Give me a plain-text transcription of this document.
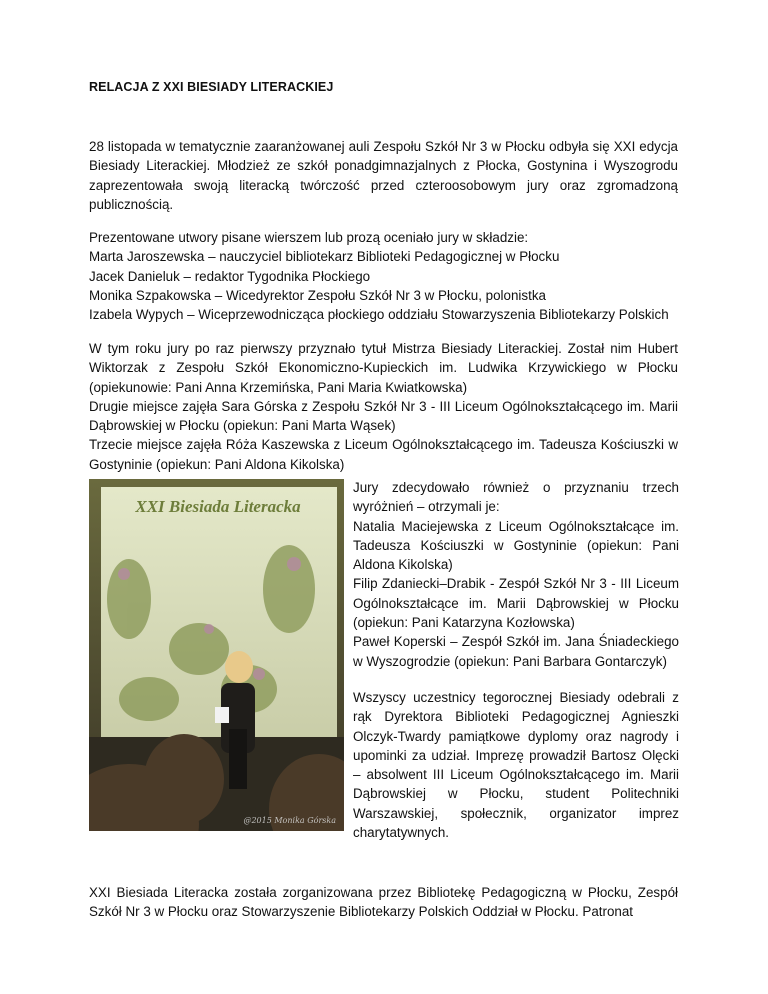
RELACJA Z XXI BIESIADY LITERACKIEJ

28 listopada w tematycznie zaaranżowanej auli Zespołu Szkół Nr 3 w Płocku odbyła się XXI edycja Biesiady Literackiej. Młodzież ze szkół ponadgimnazjalnych z Płocka, Gostynina i Wyszogrodu zaprezentowała swoją literacką twórczość przed czteroosobowym jury oraz zgromadzoną publicznością.

Prezentowane utwory pisane wierszem lub prozą oceniało jury w składzie:

Marta Jaroszewska – nauczyciel bibliotekarz Biblioteki Pedagogicznej w Płocku

Jacek Danieluk – redaktor Tygodnika Płockiego

Monika Szpakowska – Wicedyrektor Zespołu Szkół Nr 3 w Płocku, polonistka

Izabela Wypych – Wiceprzewodnicząca płockiego oddziału Stowarzyszenia Bibliotekarzy Polskich

W tym roku jury po raz pierwszy przyznało tytuł Mistrza Biesiady Literackiej. Został nim Hubert Wiktorzak z Zespołu Szkół Ekonomiczno-Kupieckich im. Ludwika Krzywickiego w Płocku (opiekunowie: Pani Anna Krzemińska, Pani Maria Kwiatkowska)

Drugie miejsce zajęła Sara Górska z Zespołu Szkół Nr 3 - III Liceum Ogólnokształcącego im. Marii Dąbrowskiej w Płocku (opiekun: Pani Marta Wąsek)

Trzecie miejsce zajęła Róża Kaszewska z Liceum Ogólnokształcącego im. Tadeusza Kościuszki w Gostyninie (opiekun: Pani Aldona Kikolska)

XXI Biesiada Literacka
@2015 Monika Górska

Jury zdecydowało również o przyznaniu trzech wyróżnień – otrzymali je:

Natalia Maciejewska z Liceum Ogólnokształcące im. Tadeusza Kościuszki w Gostyninie (opiekun: Pani Aldona Kikolska)

Filip Zdaniecki–Drabik - Zespół Szkół Nr 3 - III Liceum Ogólnokształcące im. Marii Dąbrowskiej w Płocku (opiekun: Pani Katarzyna Kozłowska)

Paweł Koperski – Zespół Szkół im. Jana Śniadeckiego w Wyszogrodzie (opiekun: Pani Barbara Gontarczyk)

Wszyscy uczestnicy tegorocznej Biesiady odebrali z rąk Dyrektora Biblioteki Pedagogicznej Agnieszki Olczyk-Twardy pamiątkowe dyplomy oraz nagrody i upominki za udział. Imprezę prowadził Bartosz Olęcki – absolwent III Liceum Ogólnokształcącego im. Marii Dąbrowskiej w Płocku, student Politechniki Warszawskiej, społecznik, organizator imprez charytatywnych.

XXI Biesiada Literacka została zorganizowana przez Bibliotekę Pedagogiczną w Płocku, Zespół Szkół Nr 3 w Płocku oraz Stowarzyszenie Bibliotekarzy Polskich Oddział w Płocku. Patronat
